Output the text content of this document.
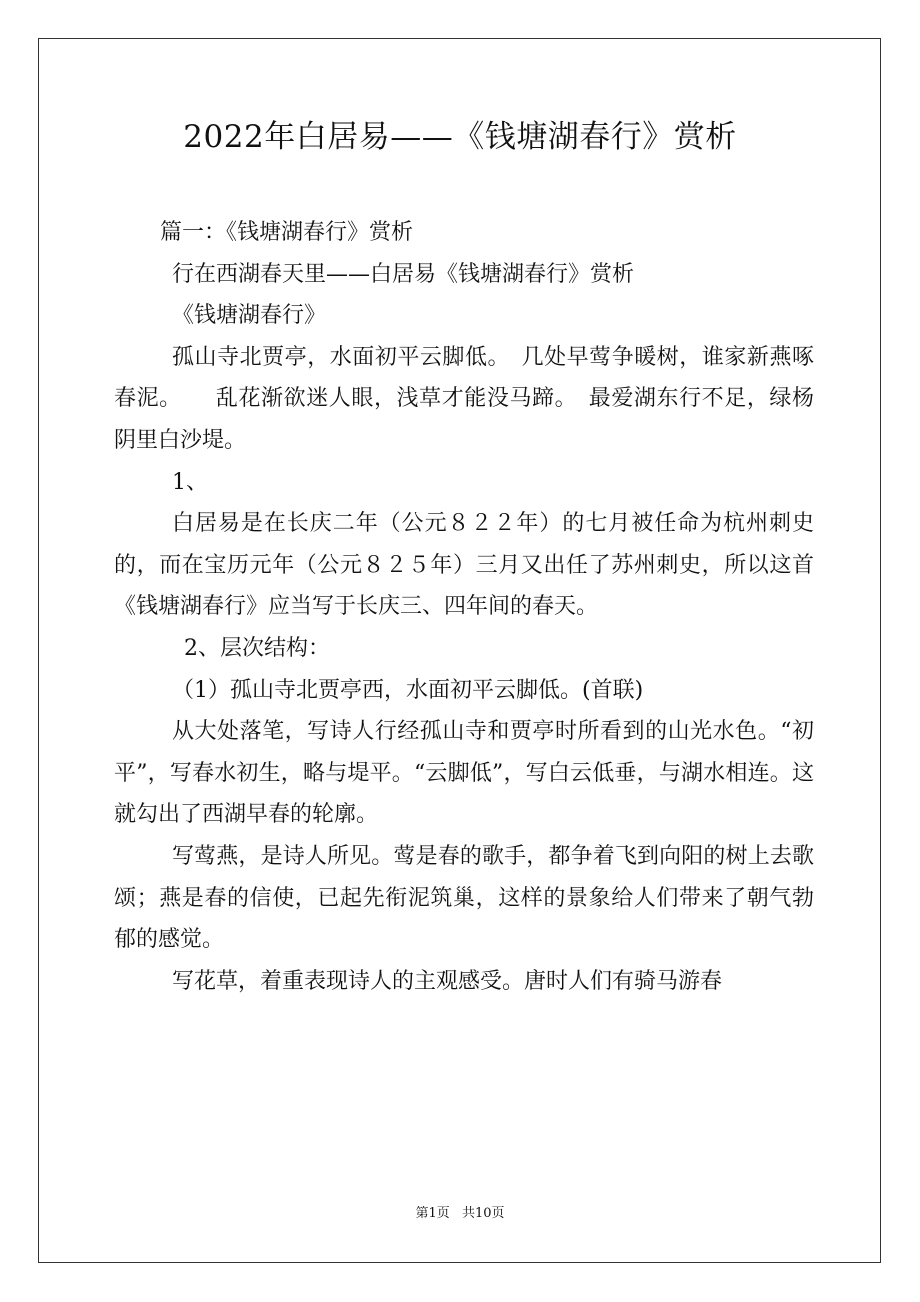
2022年白居易——《钱塘湖春行》赏析

篇一：《钱塘湖春行》赏析

行在西湖春天里——白居易《钱塘湖春行》赏析

《钱塘湖春行》

孤山寺北贾亭，水面初平云脚低。　几处早莺争暖树，谁家新燕啄春泥。　　乱花渐欲迷人眼，浅草才能没马蹄。　最爱湖东行不足，绿杨阴里白沙堤。

1、

白居易是在长庆二年（公元８２２年）的七月被任命为杭州刺史的，而在宝历元年（公元８２５年）三月又出任了苏州刺史，所以这首《钱塘湖春行》应当写于长庆三、四年间的春天。

2、层次结构：

（1）孤山寺北贾亭西，水面初平云脚低。(首联)

从大处落笔，写诗人行经孤山寺和贾亭时所看到的山光水色。“初平”，写春水初生，略与堤平。“云脚低”，写白云低垂，与湖水相连。这就勾出了西湖早春的轮廓。

写莺燕，是诗人所见。莺是春的歌手，都争着飞到向阳的树上去歌颂；燕是春的信使，已起先衔泥筑巢，这样的景象给人们带来了朝气勃郁的感觉。

写花草，着重表现诗人的主观感受。唐时人们有骑马游春

第1页 共10页
